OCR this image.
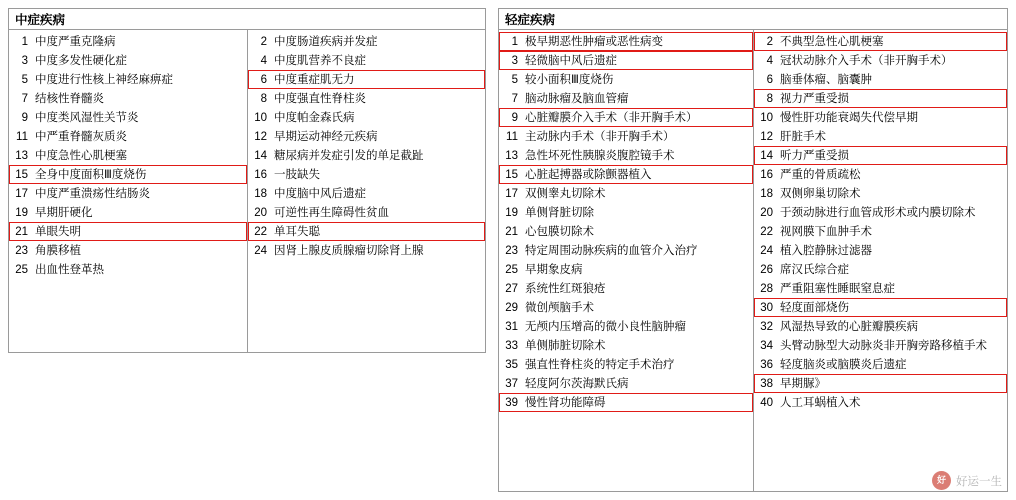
中症疾病
1 中度严重克隆病
3 中度多发性硬化症
5 中度进行性核上神经麻痹症
7 结核性脊髓炎
9 中度类风湿性关节炎
11 中严重脊髓灰质炎
13 中度急性心肌梗塞
15 全身中度面积Ⅲ度烧伤
17 中度严重溃疡性结肠炎
19 早期肝硬化
21 单眼失明
23 角膜移植
25 出血性登革热
2 中度肠道疾病并发症
4 中度肌营养不良症
6 中度重症肌无力
8 中度强直性脊柱炎
10 中度帕金森氏病
12 早期运动神经元疾病
14 糖尿病并发症引发的单足截趾
16 一肢缺失
18 中度脑中风后遗症
20 可逆性再生障碍性贫血
22 单耳失聪
24 因肾上腺皮质腺瘤切除肾上腺
轻症疾病
1 极早期恶性肿瘤或恶性病变
3 轻微脑中风后遗症
5 较小面积Ⅲ度烧伤
7 脑动脉瘤及脑血管瘤
9 心脏瓣膜介入手术（非开胸手术）
11 主动脉内手术（非开胸手术）
13 急性坏死性胰腺炎腹腔镜手术
15 心脏起搏器或除颤器植入
17 双侧睾丸切除术
19 单侧肾脏切除
21 心包膜切除术
23 特定周围动脉疾病的血管介入治疗
25 早期象皮病
27 系统性红斑狼疮
29 微创颅脑手术
31 无颅内压增高的微小良性脑肿瘤
33 单侧肺脏切除术
35 强直性脊柱炎的特定手术治疗
37 轻度阿尔茨海默氏病
39 慢性肾功能障碍
2 不典型急性心肌梗塞
4 冠状动脉介入手术（非开胸手术）
6 脑垂体瘤、脑囊肿
8 视力严重受损
10 慢性肝功能衰竭失代偿早期
12 肝脏手术
14 听力严重受损
16 严重的骨质疏松
18 双侧卵巢切除术
20 于颈动脉进行血管成形术或内膜切除术
22 视网膜下血肿手术
24 植入腔静脉过滤器
26 席汉氏综合症
28 严重阻塞性睡眠窒息症
30 轻度面部烧伤
32 风湿热导致的心脏瓣膜疾病
34 头臂动脉型大动脉炎非开胸旁路移植手术
36 轻度脑炎或脑膜炎后遗症
38 早期脲》
40 人工耳蜗植入术
好 好运一生
